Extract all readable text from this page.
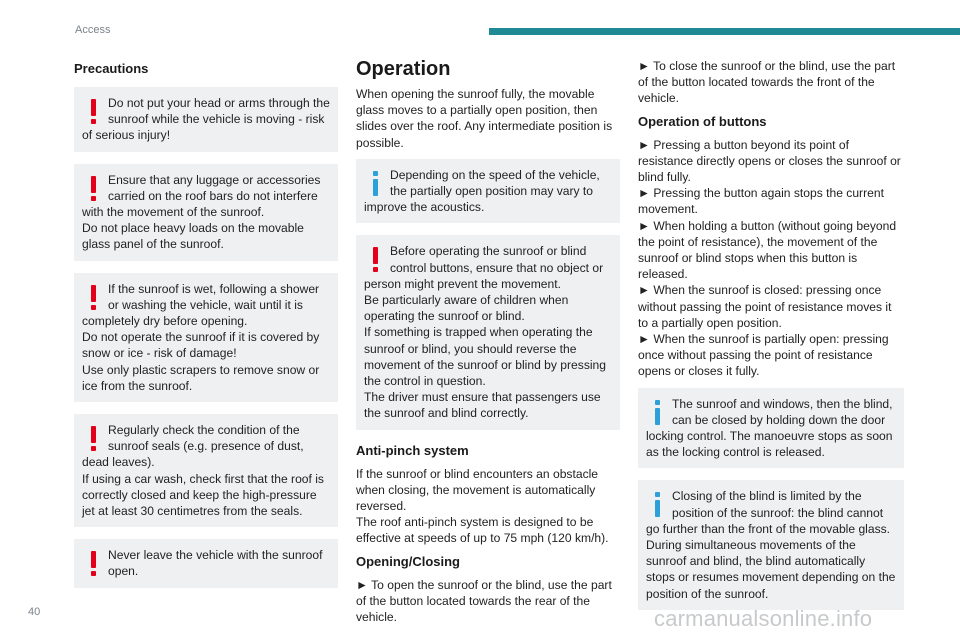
Access
Precautions
Do not put your head or arms through the sunroof while the vehicle is moving - risk of serious injury!
Ensure that any luggage or accessories carried on the roof bars do not interfere with the movement of the sunroof.
Do not place heavy loads on the movable glass panel of the sunroof.
If the sunroof is wet, following a shower or washing the vehicle, wait until it is completely dry before opening.
Do not operate the sunroof if it is covered by snow or ice - risk of damage!
Use only plastic scrapers to remove snow or ice from the sunroof.
Regularly check the condition of the sunroof seals (e.g. presence of dust, dead leaves).
If using a car wash, check first that the roof is correctly closed and keep the high-pressure jet at least 30 centimetres from the seals.
Never leave the vehicle with the sunroof open.
Operation
When opening the sunroof fully, the movable glass moves to a partially open position, then slides over the roof. Any intermediate position is possible.
Depending on the speed of the vehicle, the partially open position may vary to improve the acoustics.
Before operating the sunroof or blind control buttons, ensure that no object or person might prevent the movement.
Be particularly aware of children when operating the sunroof or blind.
If something is trapped when operating the sunroof or blind, you should reverse the movement of the sunroof or blind by pressing the control in question.
The driver must ensure that passengers use the sunroof and blind correctly.
Anti-pinch system
If the sunroof or blind encounters an obstacle when closing, the movement is automatically reversed.
The roof anti-pinch system is designed to be effective at speeds of up to 75 mph (120 km/h).
Opening/Closing
► To open the sunroof or the blind, use the part of the button located towards the rear of the vehicle.
► To close the sunroof or the blind, use the part of the button located towards the front of the vehicle.
Operation of buttons
► Pressing a button beyond its point of resistance directly opens or closes the sunroof or blind fully.
► Pressing the button again stops the current movement.
► When holding a button (without going beyond the point of resistance), the movement of the sunroof or blind stops when this button is released.
► When the sunroof is closed: pressing once without passing the point of resistance moves it to a partially open position.
► When the sunroof is partially open: pressing once without passing the point of resistance opens or closes it fully.
The sunroof and windows, then the blind, can be closed by holding down the door locking control. The manoeuvre stops as soon as the locking control is released.
Closing of the blind is limited by the position of the sunroof: the blind cannot go further than the front of the movable glass.
During simultaneous movements of the sunroof and blind, the blind automatically stops or resumes movement depending on the position of the sunroof.
40	carmanualsonline.info
